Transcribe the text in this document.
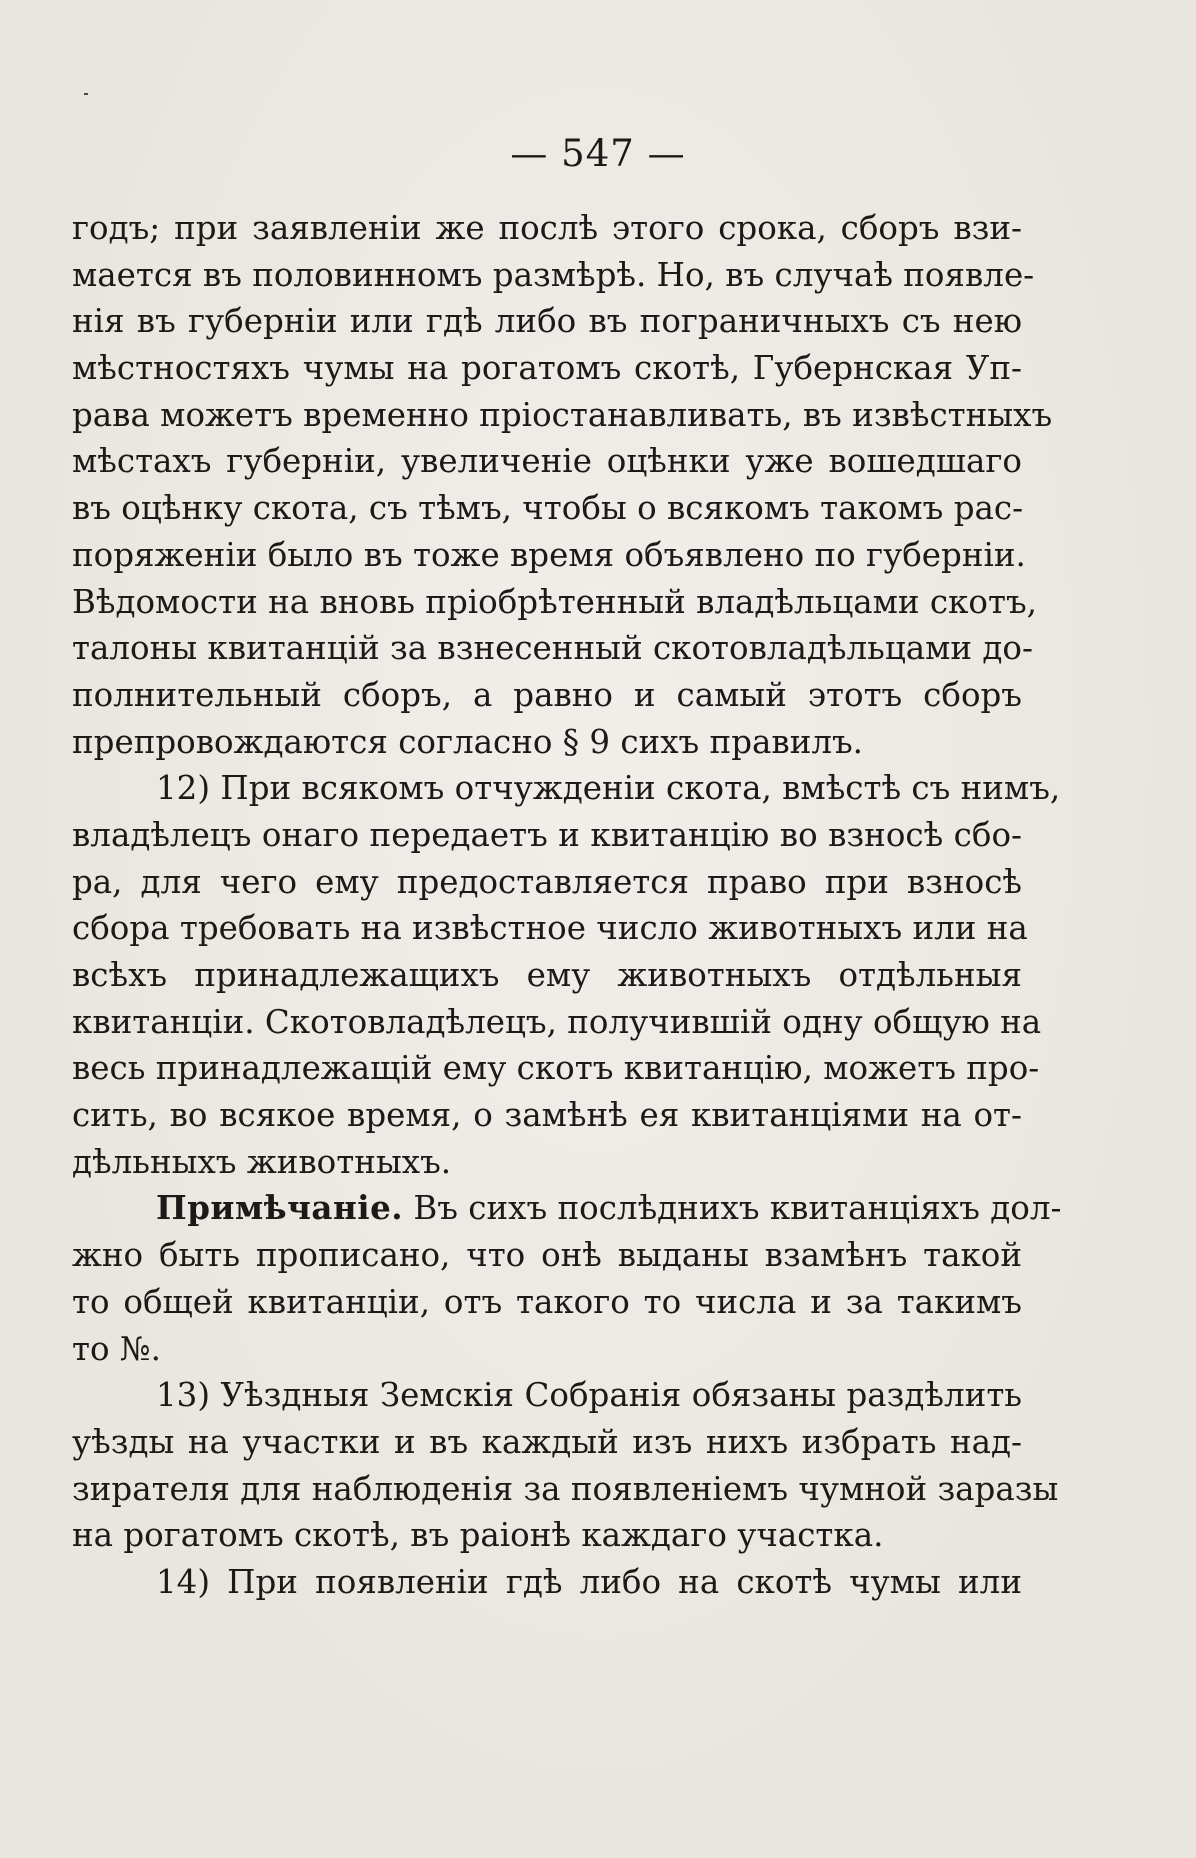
— 547 —
годъ; при заявленіи же послѣ этого срока, сборъ взи-
мается въ половинномъ размѣрѣ. Но, въ случаѣ появле-
нія въ губерніи или гдѣ либо въ пограничныхъ съ нею
мѣстностяхъ чумы на рогатомъ скотѣ, Губернская Уп-
рава можетъ временно пріостанавливать, въ извѣстныхъ
мѣстахъ губерніи, увеличеніе оцѣнки уже вошедшаго
въ оцѣнку скота, съ тѣмъ, чтобы о всякомъ такомъ рас-
поряженіи было въ тоже время объявлено по губерніи.
Вѣдомости на вновь пріобрѣтенный владѣльцами скотъ,
талоны квитанцій за взнесенный скотовладѣльцами до-
полнительный сборъ, а равно и самый этотъ сборъ
препровождаются согласно § 9 сихъ правилъ.
12) При всякомъ отчужденіи скота, вмѣстѣ съ нимъ,
владѣлецъ онаго передаетъ и квитанцію во взносѣ сбо-
ра, для чего ему предоставляется право при взносѣ
сбора требовать на извѣстное число животныхъ или на
всѣхъ принадлежащихъ ему животныхъ отдѣльныя
квитанціи. Скотовладѣлецъ, получившій одну общую на
весь принадлежащій ему скотъ квитанцію, можетъ про-
сить, во всякое время, о замѣнѣ ея квитанціями на от-
дѣльныхъ животныхъ.
Примѣчаніе. Въ сихъ послѣднихъ квитанціяхъ дол-
жно быть прописано, что онѣ выданы взамѣнъ такой
то общей квитанціи, отъ такого то числа и за такимъ
то №.
13) Уѣздныя Земскія Собранія обязаны раздѣлить
уѣзды на участки и въ каждый изъ нихъ избрать над-
зирателя для наблюденія за появленіемъ чумной заразы
на рогатомъ скотѣ, въ раіонѣ каждаго участка.
14) При появленіи гдѣ либо на скотѣ чумы или
